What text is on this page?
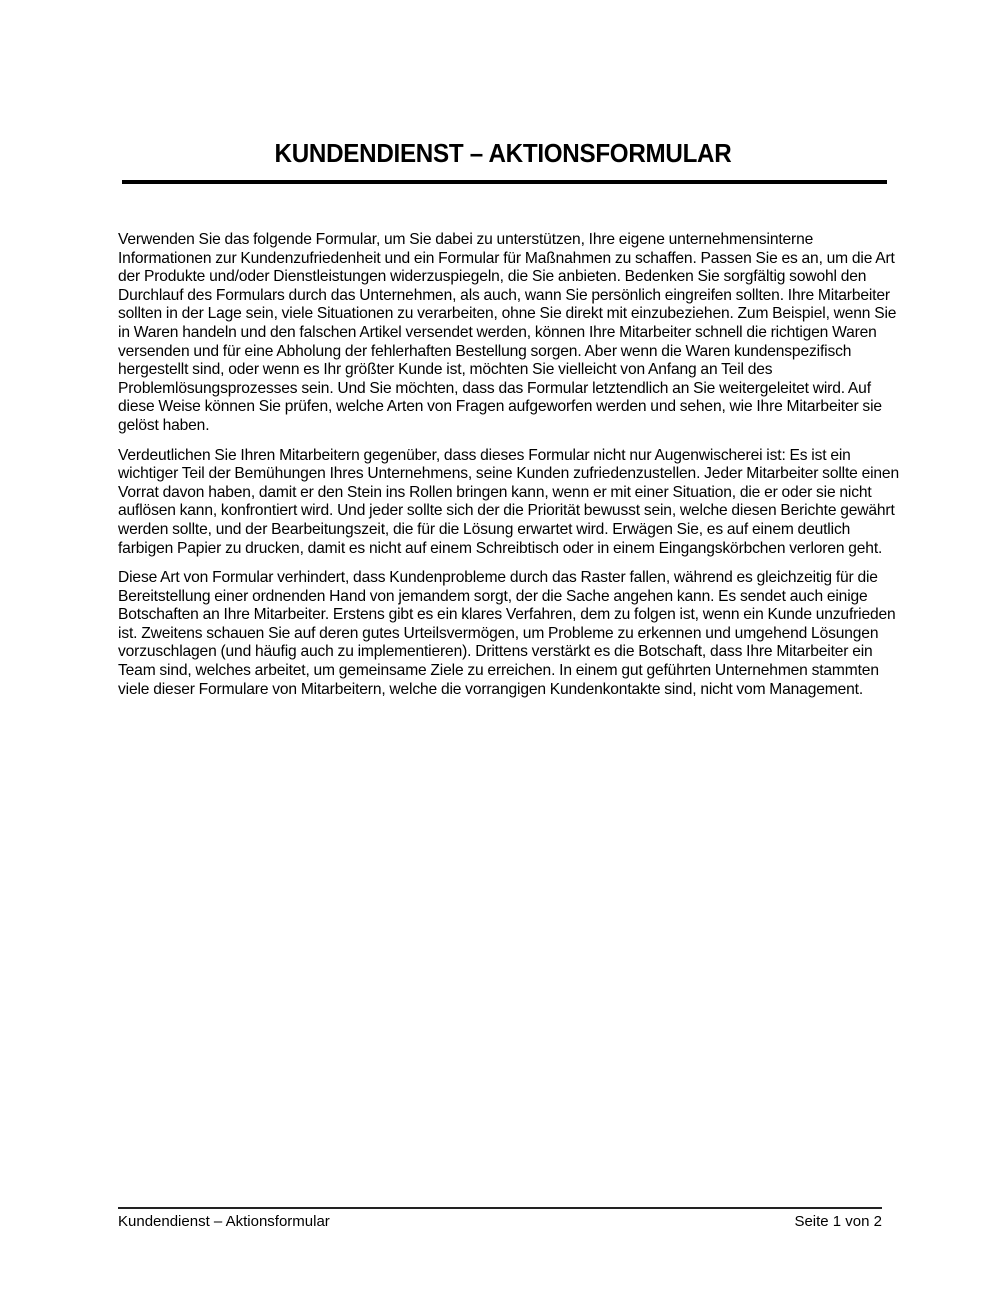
KUNDENDIENST – AKTIONSFORMULAR

Verwenden Sie das folgende Formular, um Sie dabei zu unterstützen, Ihre eigene unternehmensinterne Informationen zur Kundenzufriedenheit und ein Formular für Maßnahmen zu schaffen. Passen Sie es an, um die Art der Produkte und/oder Dienstleistungen widerzuspiegeln, die Sie anbieten. Bedenken Sie sorgfältig sowohl den Durchlauf des Formulars durch das Unternehmen, als auch, wann Sie persönlich eingreifen sollten. Ihre Mitarbeiter sollten in der Lage sein, viele Situationen zu verarbeiten, ohne Sie direkt mit einzubeziehen. Zum Beispiel, wenn Sie in Waren handeln und den falschen Artikel versendet werden, können Ihre Mitarbeiter schnell die richtigen Waren versenden und für eine Abholung der fehlerhaften Bestellung sorgen. Aber wenn die Waren kundenspezifisch hergestellt sind, oder wenn es Ihr größter Kunde ist, möchten Sie vielleicht von Anfang an Teil des Problemlösungsprozesses sein. Und Sie möchten, dass das Formular letztendlich an Sie weitergeleitet wird. Auf diese Weise können Sie prüfen, welche Arten von Fragen aufgeworfen werden und sehen, wie Ihre Mitarbeiter sie gelöst haben.

Verdeutlichen Sie Ihren Mitarbeitern gegenüber, dass dieses Formular nicht nur Augenwischerei ist: Es ist ein wichtiger Teil der Bemühungen Ihres Unternehmens, seine Kunden zufriedenzustellen. Jeder Mitarbeiter sollte einen Vorrat davon haben, damit er den Stein ins Rollen bringen kann, wenn er mit einer Situation, die er oder sie nicht auflösen kann, konfrontiert wird. Und jeder sollte sich der die Priorität bewusst sein, welche diesen Berichte gewährt werden sollte, und der Bearbeitungszeit, die für die Lösung erwartet wird. Erwägen Sie, es auf einem deutlich farbigen Papier zu drucken, damit es nicht auf einem Schreibtisch oder in einem Eingangskörbchen verloren geht.

Diese Art von Formular verhindert, dass Kundenprobleme durch das Raster fallen, während es gleichzeitig für die Bereitstellung einer ordnenden Hand von jemandem sorgt, der die Sache angehen kann. Es sendet auch einige Botschaften an Ihre Mitarbeiter. Erstens gibt es ein klares Verfahren, dem zu folgen ist, wenn ein Kunde unzufrieden ist. Zweitens schauen Sie auf deren gutes Urteilsvermögen, um Probleme zu erkennen und umgehend Lösungen vorzuschlagen (und häufig auch zu implementieren). Drittens verstärkt es die Botschaft, dass Ihre Mitarbeiter ein Team sind, welches arbeitet, um gemeinsame Ziele zu erreichen. In einem gut geführten Unternehmen stammten viele dieser Formulare von Mitarbeitern, welche die vorrangigen Kundenkontakte sind, nicht vom Management.

Kundendienst – Aktionsformular	Seite 1 von 2
